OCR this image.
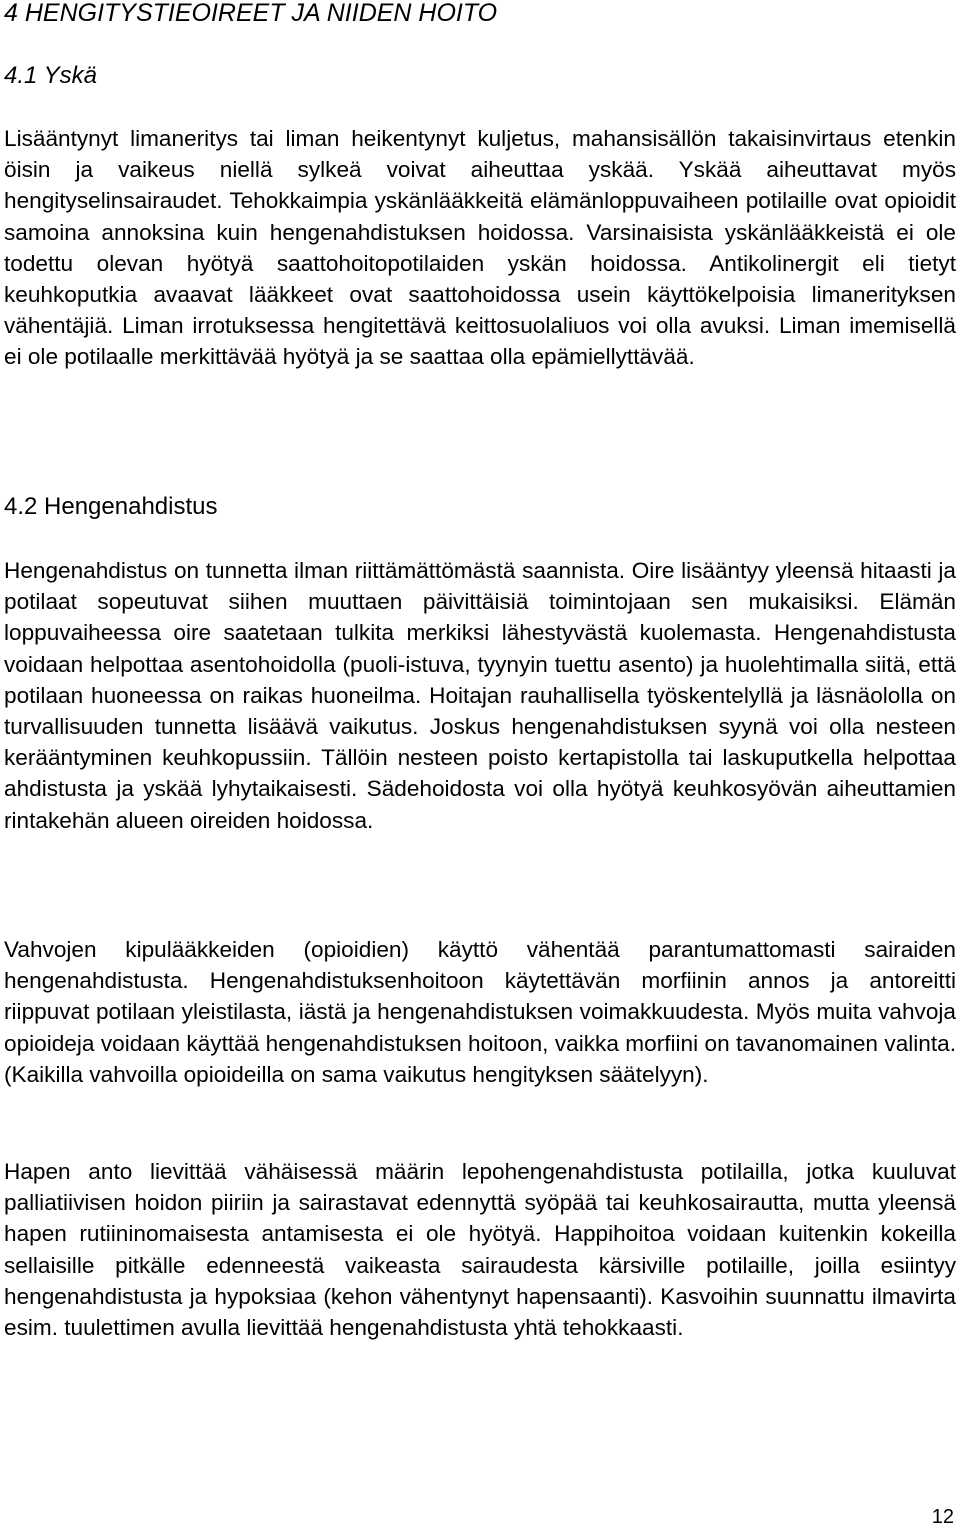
4 HENGITYSTIEOIREET JA NIIDEN HOITO
4.1 Yskä

Lisääntynyt limaneritys tai liman heikentynyt kuljetus, mahansisällön takaisinvirtaus etenkin öisin ja vaikeus niellä sylkeä voivat aiheuttaa yskää. Yskää aiheuttavat myös hengityselinsairaudet. Tehokkaimpia yskänlääkkeitä elämänloppuvaiheen potilaille ovat opioidit samoina annoksina kuin hengenahdistuksen hoidossa. Varsinaisista yskänlääkkeistä ei ole todettu olevan hyötyä saattohoitopotilaiden yskän hoidossa. Antikolinergit eli tietyt keuhkoputkia avaavat lääkkeet ovat saattohoidossa usein käyttökelpoisia limanerityksen vähentäjiä. Liman irrotuksessa hengitettävä keittosuolaliuos voi olla avuksi. Liman imemisellä ei ole potilaalle merkittävää hyötyä ja se saattaa olla epämiellyttävää.

4.2 Hengenahdistus

Hengenahdistus on tunnetta ilman riittämättömästä saannista. Oire lisääntyy yleensä hitaasti ja potilaat sopeutuvat siihen muuttaen päivittäisiä toimintojaan sen mukaisiksi. Elämän loppuvaiheessa oire saatetaan tulkita merkiksi lähestyvästä kuolemasta. Hengenahdistusta voidaan helpottaa asentohoidolla (puoli-istuva, tyynyin tuettu asento) ja huolehtimalla siitä, että potilaan huoneessa on raikas huoneilma. Hoitajan rauhallisella työskentelyllä ja läsnäololla on turvallisuuden tunnetta lisäävä vaikutus. Joskus hengenahdistuksen syynä voi olla nesteen kerääntyminen keuhkopussiin. Tällöin nesteen poisto kertapistolla tai laskuputkella helpottaa ahdistusta ja yskää lyhytaikaisesti. Sädehoidosta voi olla hyötyä keuhkosyövän aiheuttamien rintakehän alueen oireiden hoidossa.

Vahvojen kipulääkkeiden (opioidien) käyttö vähentää parantumattomasti sairaiden hengenahdistusta. Hengenahdistuksenhoitoon käytettävän morfiinin annos ja antoreitti riippuvat potilaan yleistilasta, iästä ja hengenahdistuksen voimakkuudesta. Myös muita vahvoja opioideja voidaan käyttää hengenahdistuksen hoitoon, vaikka morfiini on tavanomainen valinta. (Kaikilla vahvoilla opioideilla on sama vaikutus hengityksen säätelyyn).

Hapen anto lievittää vähäisessä määrin lepohengenahdistusta potilailla, jotka kuuluvat palliatiivisen hoidon piiriin ja sairastavat edennyttä syöpää tai keuhkosairautta, mutta yleensä hapen rutiininomaisesta antamisesta ei ole hyötyä. Happihoitoa voidaan kuitenkin kokeilla sellaisille pitkälle edenneestä vaikeasta sairaudesta kärsiville potilaille, joilla esiintyy hengenahdistusta ja hypoksiaa (kehon vähentynyt hapensaanti). Kasvoihin suunnattu ilmavirta esim. tuulettimen avulla lievittää hengenahdistusta yhtä tehokkaasti.

12
